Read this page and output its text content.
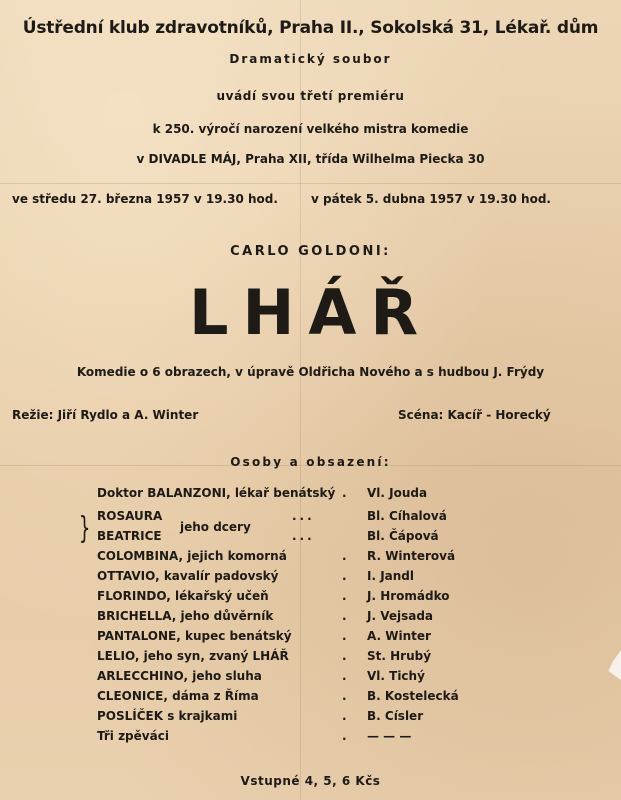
Ústřední klub zdravotníků, Praha II., Sokolská 31, Lékař. dům
Dramatický soubor
uvádí svou třetí premiéru
k 250. výročí narození velkého mistra komedie
v DIVADLE MÁJ, Praha XII, třída Wilhelma Piecka 30
ve středu 27. března 1957 v 19.30 hod.	v pátek 5. dubna 1957 v 19.30 hod.
CARLO GOLDONI:
LHÁŘ
Komedie o 6 obrazech, v úpravě Oldřicha Nového a s hudbou J. Frýdy
Režie: Jiří Rydlo a A. Winter	Scéna: Kacíř - Horecký
Osoby a obsazení:
Doktor BALANZONI, lékař benátský . Vl. Jouda
ROSAURA	...	Bl. Cíhalová
BEATRICE	...	Bl. Čápová
COLOMBINA, jejich komorná	. R. Winterová
OTTAVIO, kavalír padovský	. I. Jandl
FLORINDO, lékařský učeň	. J. Hromádko
BRICHELLA, jeho důvěrník	. J. Vejsada
PANTALONE, kupec benátský	. A. Winter
LELIO, jeho syn, zvaný LHÁŘ	. St. Hrubý
ARLECCHINO, jeho sluha	. Vl. Tichý
CLEONICE, dáma z Říma	. B. Kostelecká
POSLÍČEK s krajkami	. B. Císler
Tři zpěváci	. — — —
}	jeho dcery
Vstupné 4, 5, 6 Kčs
